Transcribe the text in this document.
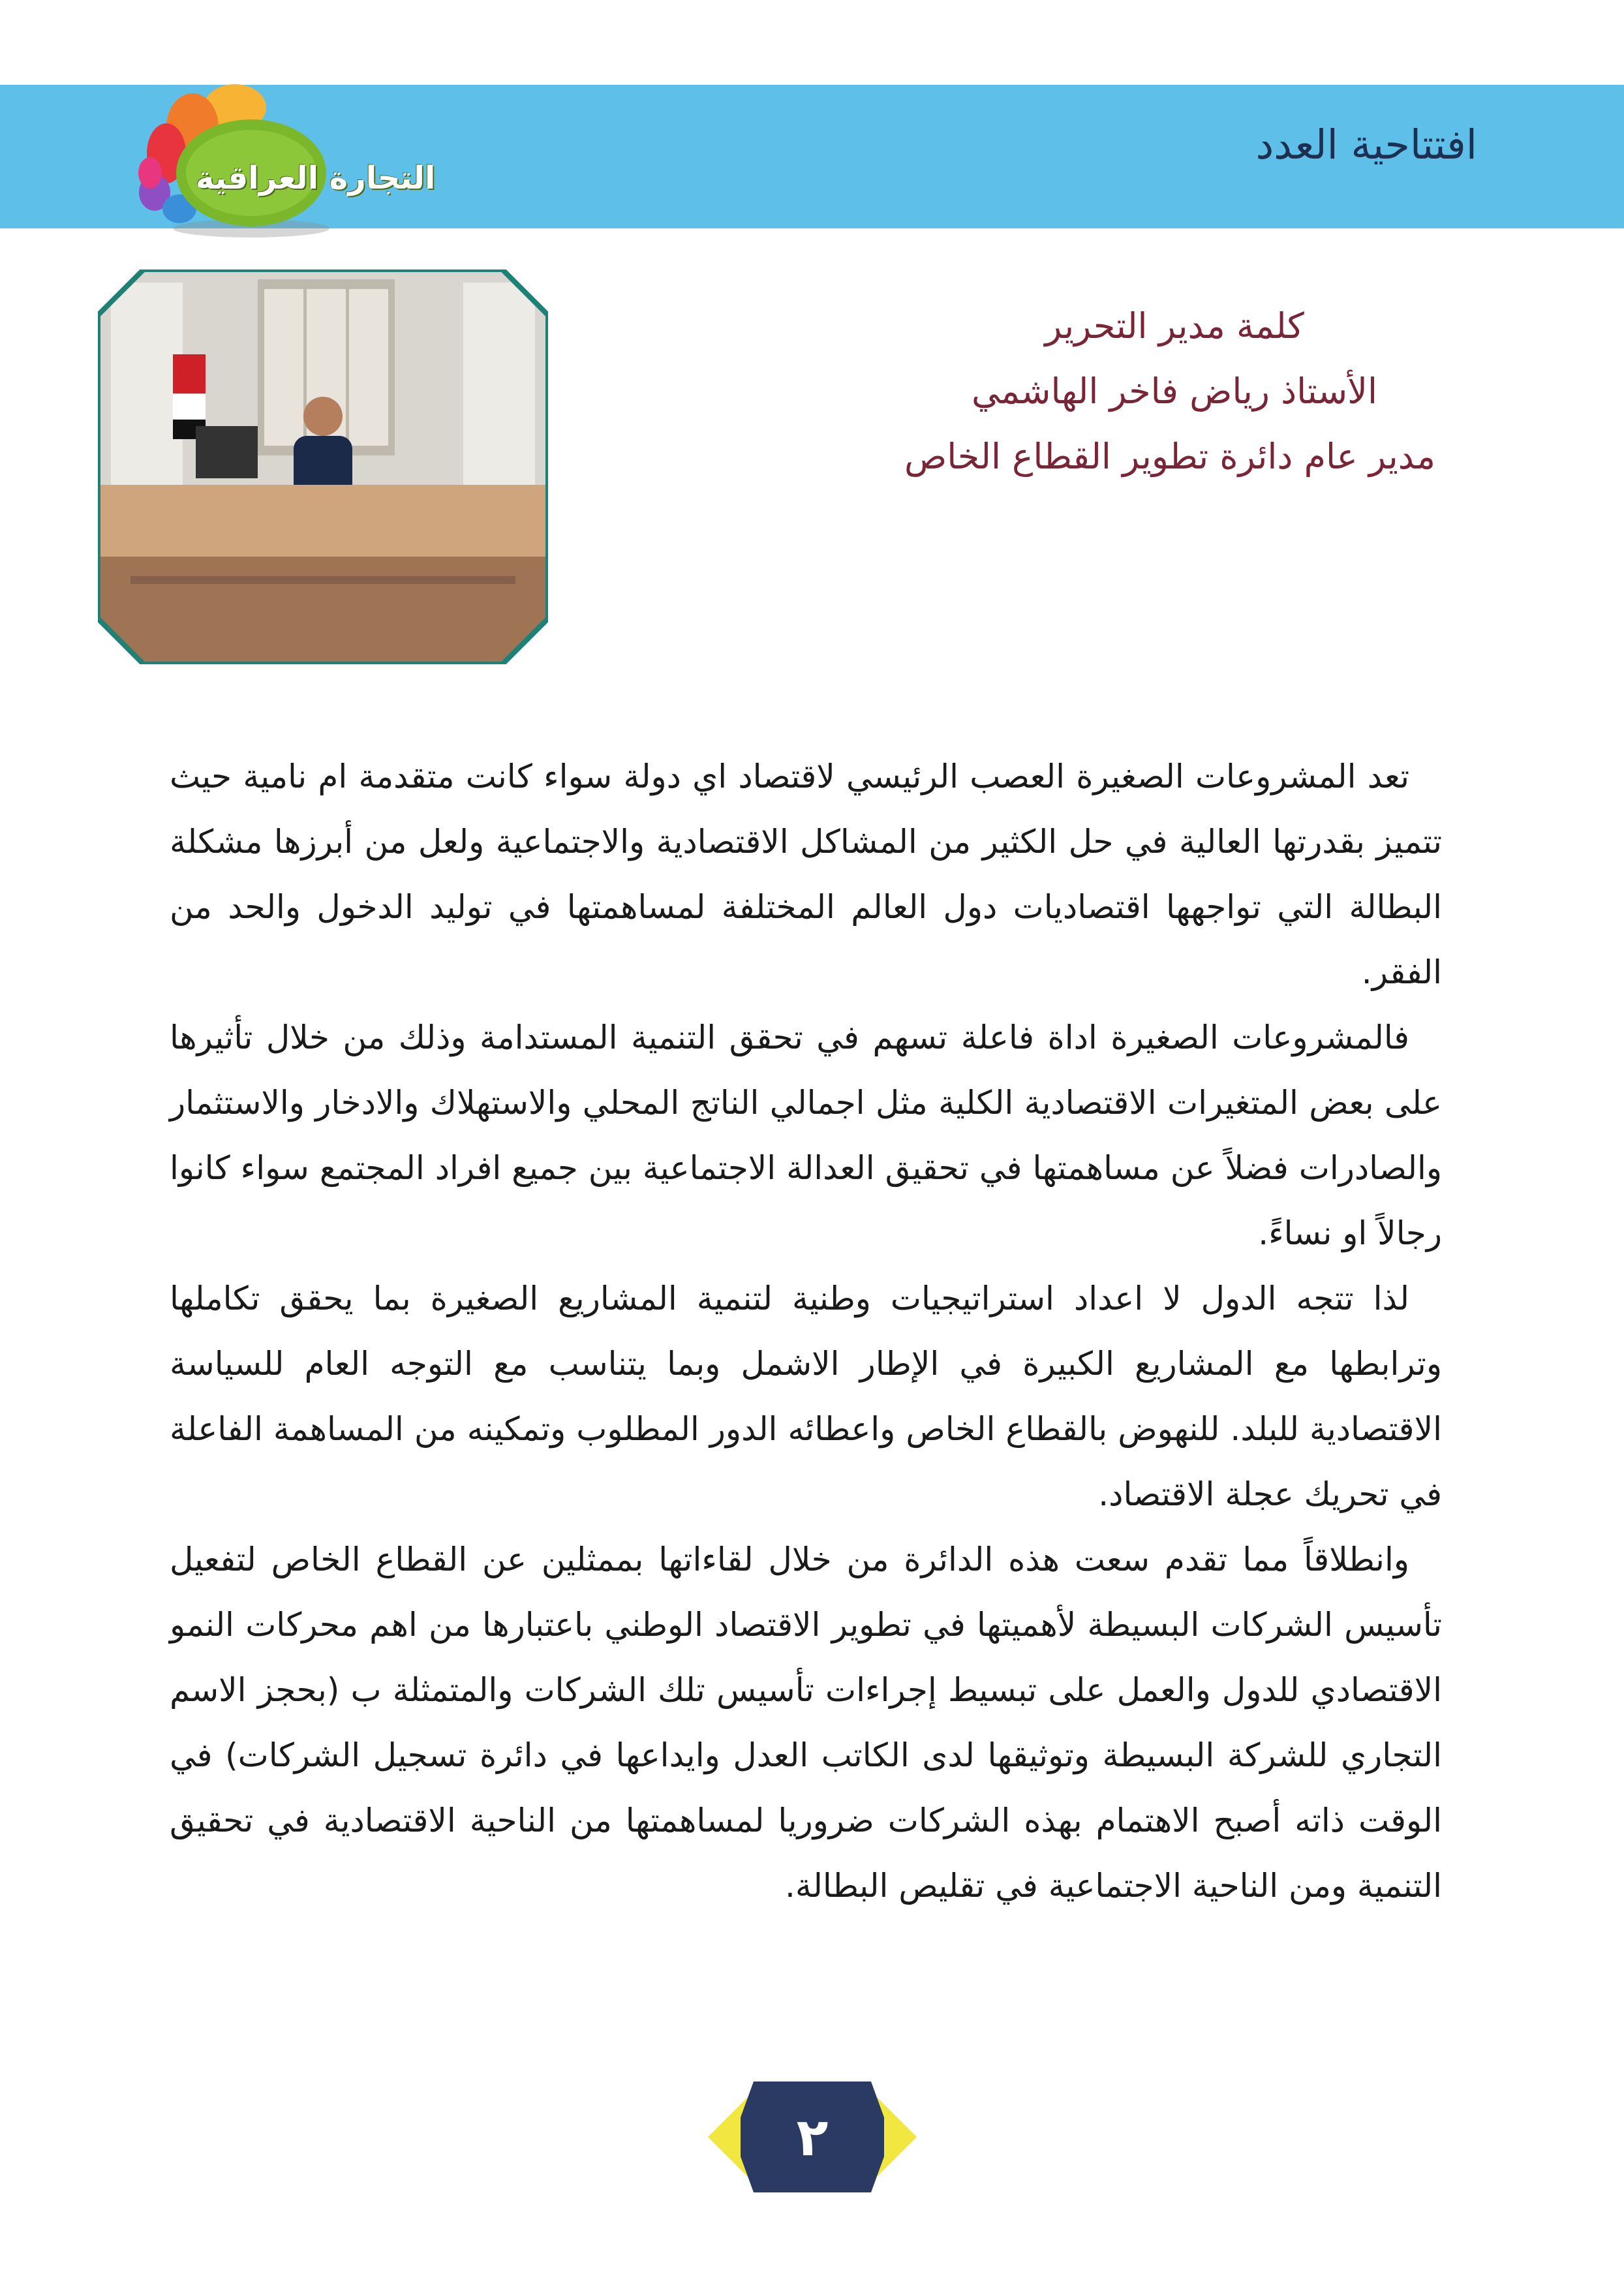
افتتاحية العدد
التجارة العراقية
كلمة مدير التحرير
الأستاذ رياض فاخر الهاشمي
مدير عام دائرة تطوير القطاع الخاص

تعد المشروعات الصغيرة العصب الرئيسي لاقتصاد اي دولة سواء كانت متقدمة ام نامية حيث تتميز بقدرتها العالية في حل الكثير من المشاكل الاقتصادية والاجتماعية ولعل من أبرزها مشكلة البطالة التي تواجهها اقتصاديات دول العالم المختلفة لمساهمتها في توليد الدخول والحد من الفقر.

فالمشروعات الصغيرة اداة فاعلة تسهم في تحقق التنمية المستدامة وذلك من خلال تأثيرها على بعض المتغيرات الاقتصادية الكلية مثل اجمالي الناتج المحلي والاستهلاك والادخار والاستثمار والصادرات فضلاً عن مساهمتها في تحقيق العدالة الاجتماعية بين جميع افراد المجتمع سواء كانوا رجالاً او نساءً.

لذا تتجه الدول لا اعداد استراتيجيات وطنية لتنمية المشاريع الصغيرة بما يحقق تكاملها وترابطها مع المشاريع الكبيرة في الإطار الاشمل وبما يتناسب مع التوجه العام للسياسة الاقتصادية للبلد. للنهوض بالقطاع الخاص واعطائه الدور المطلوب وتمكينه من المساهمة الفاعلة في تحريك عجلة الاقتصاد.

وانطلاقاً مما تقدم سعت هذه الدائرة من خلال لقاءاتها بممثلين عن القطاع الخاص لتفعيل تأسيس الشركات البسيطة لأهميتها في تطوير الاقتصاد الوطني باعتبارها من اهم محركات النمو الاقتصادي للدول والعمل على تبسيط إجراءات تأسيس تلك الشركات والمتمثلة ب (بحجز الاسم التجاري للشركة البسيطة وتوثيقها لدى الكاتب العدل وايداعها في دائرة تسجيل الشركات) في الوقت ذاته أصبح الاهتمام بهذه الشركات ضروريا لمساهمتها من الناحية الاقتصادية في تحقيق التنمية ومن الناحية الاجتماعية في تقليص البطالة.

٢
